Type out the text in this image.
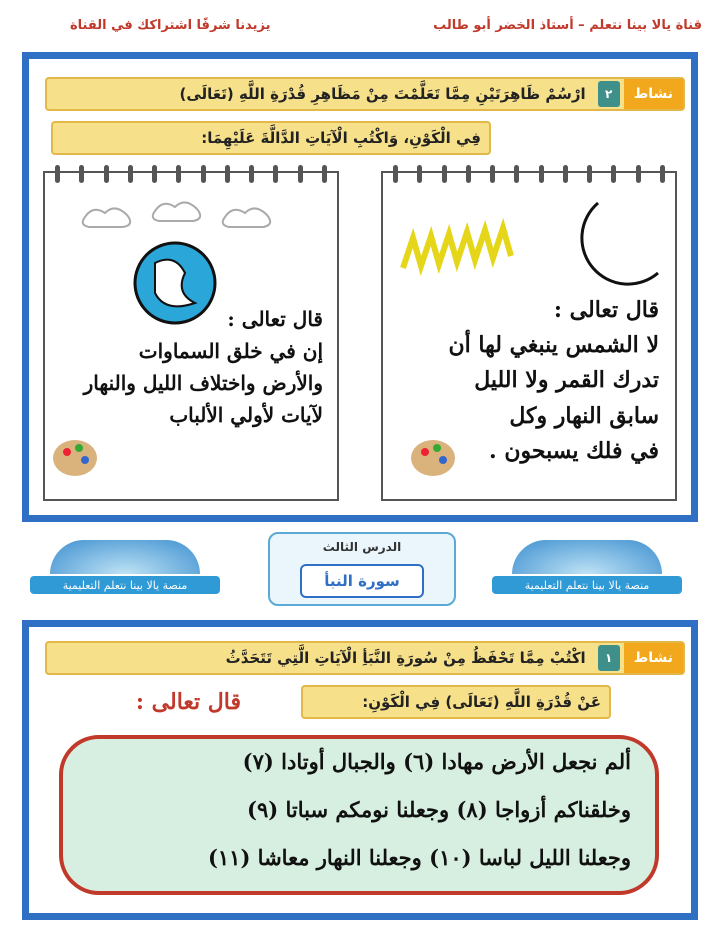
قناة يالا بينا نتعلم – أستاذ الخضر أبو طالب
يزيدنا شرفًا اشتراكك في القناة
نشاط
٢
ارْسُمْ ظَاهِرَتَيْنِ مِمَّا تَعَلَّمْتَ مِنْ مَظَاهِرِ قُدْرَةِ اللَّهِ (تَعَالَى)
فِي الْكَوْنِ، وَاكْتُبِ الْآيَاتِ الدَّالَّةَ عَلَيْهِمَا:
قال تعالى :
لا الشمس ينبغي لها أن
تدرك القمر ولا الليل
سابق النهار وكل
في فلك يسبحون .
قال تعالى :
إن في خلق السماوات
والأرض واختلاف الليل والنهار
لآيات لأولي الألباب
منصة يالا بينا نتعلم التعليمية	منصة يالا بينا نتعلم التعليمية
الدرس الثالث
سورة النبأ
نشاط
١
اكْتُبْ مِمَّا تَحْفَظُ مِنْ سُورَةِ النَّبَأِ الْآيَاتِ الَّتِي تَتَحَدَّثُ
عَنْ قُدْرَةِ اللَّهِ (تَعَالَى) فِي الْكَوْنِ:
قال تعالى :
ألم نجعل الأرض مهادا (٦) والجبال أوتادا (٧)
وخلقناكم أزواجا (٨) وجعلنا نومكم سباتا (٩)
وجعلنا الليل لباسا (١٠) وجعلنا النهار معاشا (١١)
